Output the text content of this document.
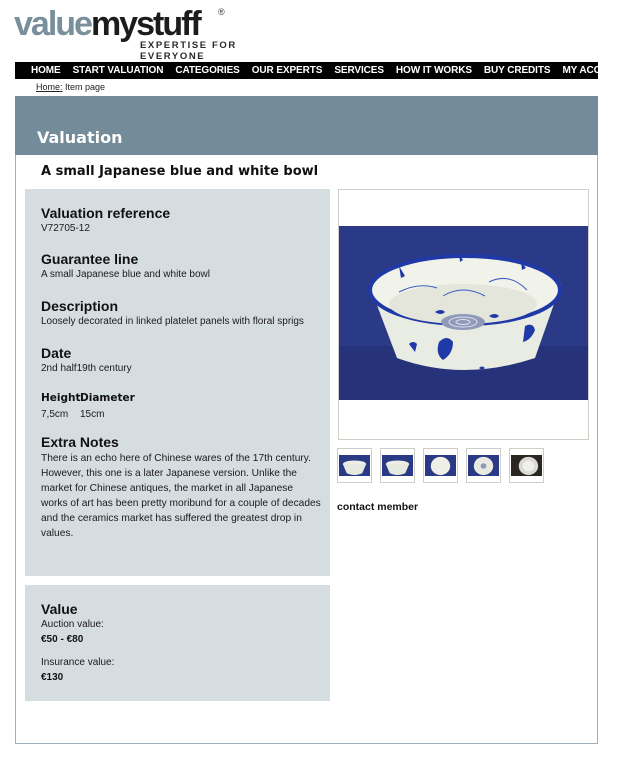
valuemystuff ®
EXPERTISE FOR EVERYONE
HOME START VALUATION CATEGORIES OUR EXPERTS SERVICES HOW IT WORKS BUY CREDITS MY ACCOUNT
Home: Item page
Valuation
A small Japanese blue and white bowl
Valuation reference
V72705-12
Guarantee line
A small Japanese blue and white bowl
Description
Loosely decorated in linked platelet panels with floral sprigs
Date
2nd half19th century
Height Diameter
7,5cm 15cm
Extra Notes
There is an echo here of Chinese wares of the 17th century. However, this one is a later Japanese version. Unlike the market for Chinese antiques, the market in all Japanese works of art has been pretty moribund for a couple of decades and the ceramics market has suffered the greatest drop in values.
Value
Auction value:
€50 - €80
Insurance value:
€130
contact member
